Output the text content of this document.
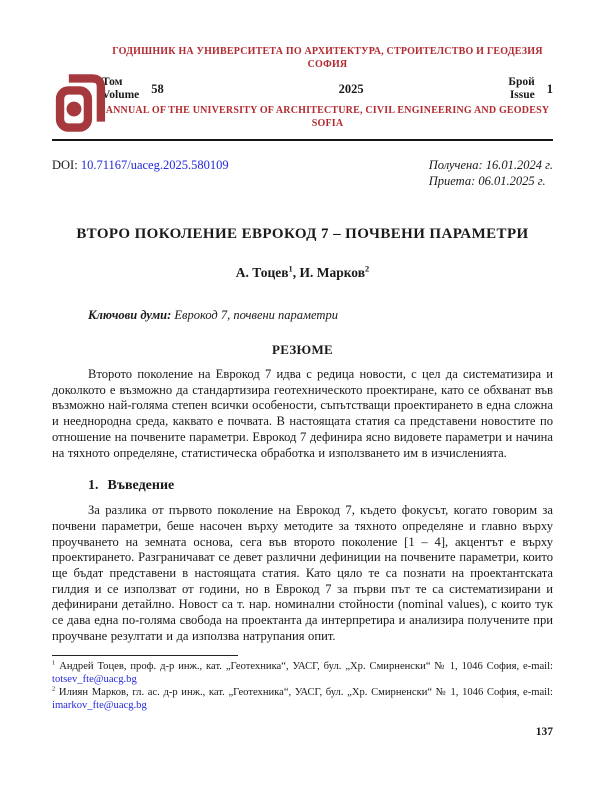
ГОДИШНИК НА УНИВЕРСИТЕТА ПО АРХИТЕКТУРА, СТРОИТЕЛСТВО И ГЕОДЕЗИЯ
СОФИЯ
Том
Volume 58	2025	Брой
Issue 1
ANNUAL OF THE UNIVERSITY OF ARCHITECTURE, CIVIL ENGINEERING AND GEODESY
SOFIA
DOI: 10.71167/uaceg.2025.580109	Получена: 16.01.2024 г.
Приета: 06.01.2025 г.
ВТОРО ПОКОЛЕНИЕ ЕВРОКОД 7 – ПОЧВЕНИ ПАРАМЕТРИ
А. Тоцев$^1$, И. Марков$^2$
Ключови думи: Еврокод 7, почвени параметри
РЕЗЮМЕ

Второто поколение на Еврокод 7 идва с редица новости, с цел да систематизира и доколкото е възможно да стандартизира геотехническото проектиране, като се обхванат във възможно най-голяма степен всички особености, съпътстващи проектирането в една сложна и нееднородна среда, каквато е почвата. В настоящата статия са представени новостите по отношение на почвените параметри. Еврокод 7 дефинира ясно видовете параметри и начина на тяхното определяне, статистическа обработка и използването им в изчисленията.

1. Въведение

За разлика от първото поколение на Еврокод 7, където фокусът, когато говорим за почвени параметри, беше насочен върху методите за тяхното определяне и главно върху проучването на земната основа, сега във второто поколение [1 – 4], акцентът е върху проектирането. Разграничават се девет различни дефиниции на почвените параметри, които ще бъдат представени в настоящата статия. Като цяло те са познати на проектантската гилдия и се използват от години, но в Еврокод 7 за първи път те са систематизирани и дефинирани детайлно. Новост са т. нар. номинални стойности (nominal values), с които тук се дава една по-голяма свобода на проектанта да интерпретира и анализира получените при проучване резултати и да използва натрупания опит.

$^1$ Андрей Тоцев, проф. д-р инж., кат. „Геотехника“, УАСГ, бул. „Хр. Смирненски“ № 1, 1046 София, e-mail: totsev_fte@uacg.bg
$^2$ Илиян Марков, гл. ас. д-р инж., кат. „Геотехника“, УАСГ, бул. „Хр. Смирненски“ № 1, 1046 София, e-mail: imarkov_fte@uacg.bg
137
